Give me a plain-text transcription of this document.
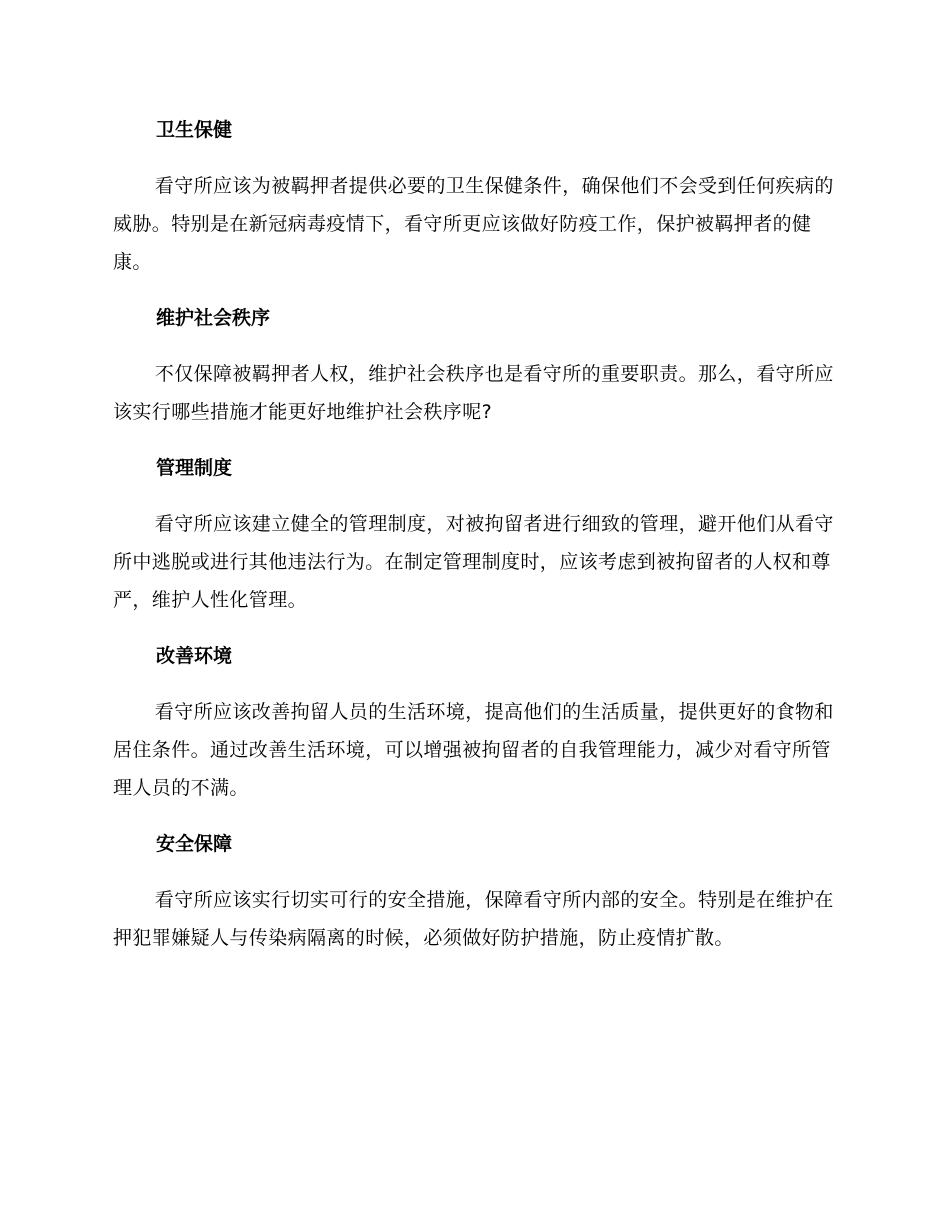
卫生保健

看守所应该为被羁押者提供必要的卫生保健条件，确保他们不会受到任何疾病的威胁。特别是在新冠病毒疫情下，看守所更应该做好防疫工作，保护被羁押者的健康。

维护社会秩序

不仅保障被羁押者人权，维护社会秩序也是看守所的重要职责。那么，看守所应该实行哪些措施才能更好地维护社会秩序呢?

管理制度

看守所应该建立健全的管理制度，对被拘留者进行细致的管理，避开他们从看守所中逃脱或进行其他违法行为。在制定管理制度时，应该考虑到被拘留者的人权和尊严，维护人性化管理。

改善环境

看守所应该改善拘留人员的生活环境，提高他们的生活质量，提供更好的食物和居住条件。通过改善生活环境，可以增强被拘留者的自我管理能力，减少对看守所管理人员的不满。

安全保障

看守所应该实行切实可行的安全措施，保障看守所内部的安全。特别是在维护在押犯罪嫌疑人与传染病隔离的时候，必须做好防护措施，防止疫情扩散。
